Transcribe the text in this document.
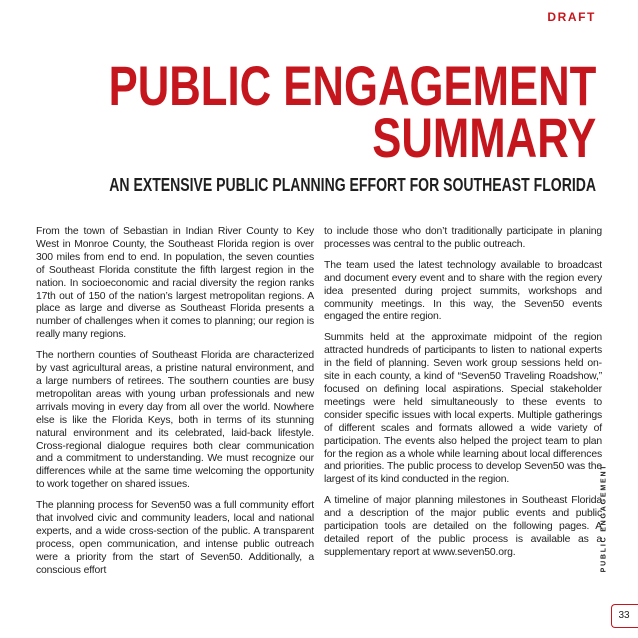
DRAFT
PUBLIC ENGAGEMENT
SUMMARY
AN EXTENSIVE PUBLIC PLANNING EFFORT FOR SOUTHEAST FLORIDA

From the town of Sebastian in Indian River County to Key West in Monroe County, the Southeast Florida region is over 300 miles from end to end. In population, the seven counties of Southeast Florida constitute the fifth largest region in the nation. In socioeconomic and racial diversity the region ranks 17th out of 150 of the nation’s largest metropolitan regions. A place as large and diverse as Southeast Florida presents a number of challenges when it comes to planning; our region is really many regions.

The northern counties of Southeast Florida are characterized by vast agricultural areas, a pristine natural environment, and a large numbers of retirees. The southern counties are busy metropolitan areas with young urban professionals and new arrivals moving in every day from all over the world. Nowhere else is like the Florida Keys, both in terms of its stunning natural environment and its celebrated, laid-back lifestyle. Cross-regional dialogue requires both clear communication and a commitment to understanding. We must recognize our differences while at the same time welcoming the opportunity to work together on shared issues.

The planning process for Seven50 was a full community effort that involved civic and community leaders, local and national experts, and a wide cross-section of the public. A transparent process, open communication, and intense public outreach were a priority from the start of Seven50. Additionally, a conscious effort

to include those who don’t traditionally participate in planing processes was central to the public outreach.

The team used the latest technology available to broadcast and document every event and to share with the region every idea presented during project summits, workshops and community meetings. In this way, the Seven50 events engaged the entire region.

Summits held at the approximate midpoint of the region attracted hundreds of participants to listen to national experts in the field of planning. Seven work group sessions held on-site in each county, a kind of “Seven50 Traveling Roadshow,” focused on defining local aspirations. Special stakeholder meetings were held simultaneously to these events to consider specific issues with local experts. Multiple gatherings of different scales and formats allowed a wide variety of participation. The events also helped the project team to plan for the region as a whole while learning about local differences and priorities. The public process to develop Seven50 was the largest of its kind conducted in the region.

A timeline of major planning milestones in Southeast Florida and a description of the major public events and public participation tools are detailed on the following pages. A detailed report of the public process is available as a supplementary report at www.seven50.org.	PUBLIC ENGAGEMENT
33
